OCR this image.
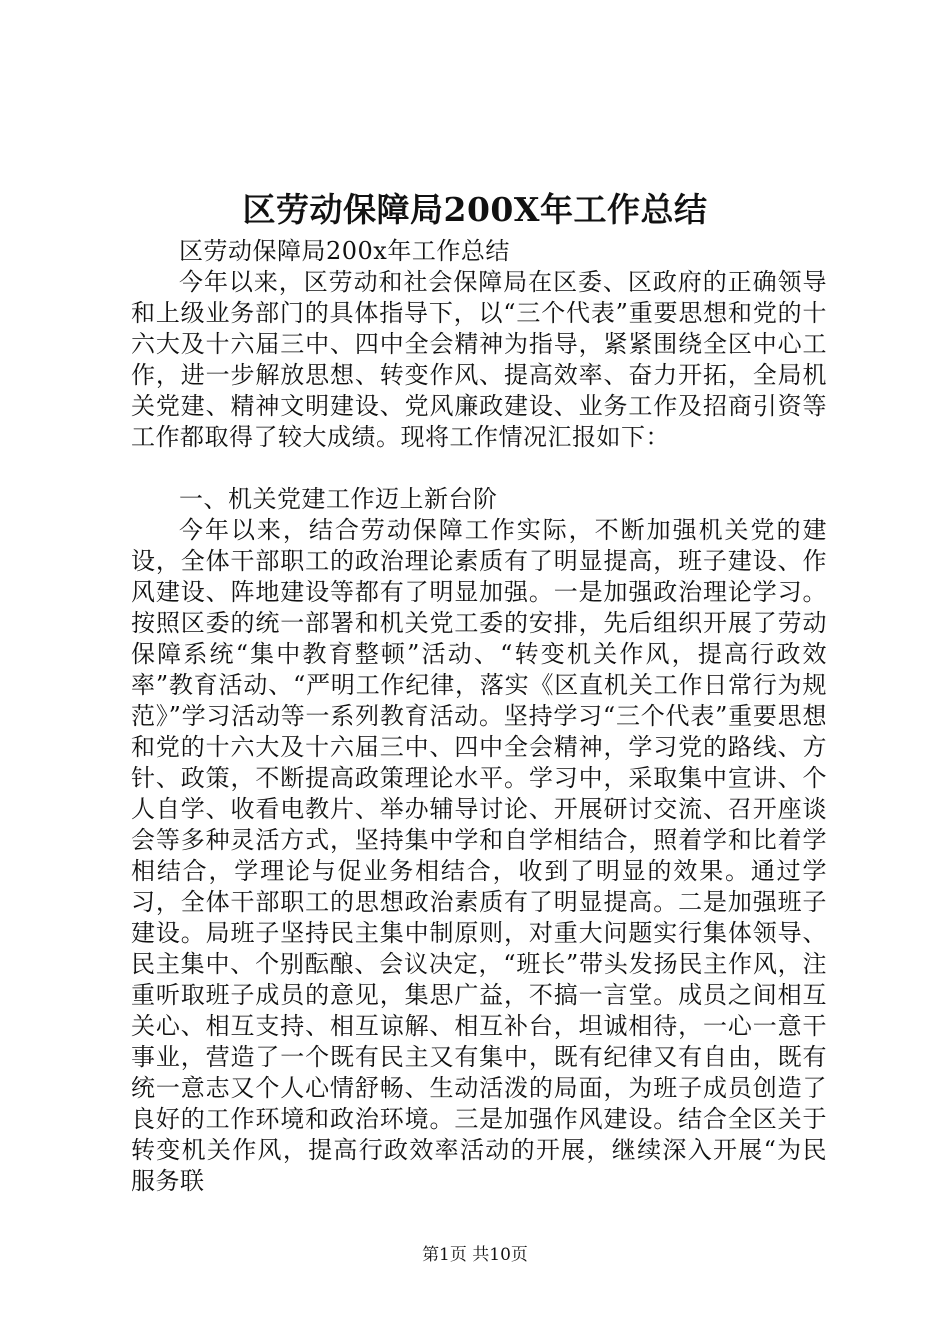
区劳动保障局200X年工作总结

区劳动保障局200x年工作总结

今年以来，区劳动和社会保障局在区委、区政府的正确领导和上级业务部门的具体指导下，以“三个代表”重要思想和党的十六大及十六届三中、四中全会精神为指导，紧紧围绕全区中心工作，进一步解放思想、转变作风、提高效率、奋力开拓，全局机关党建、精神文明建设、党风廉政建设、业务工作及招商引资等工作都取得了较大成绩。现将工作情况汇报如下：

一、机关党建工作迈上新台阶

今年以来，结合劳动保障工作实际，不断加强机关党的建设，全体干部职工的政治理论素质有了明显提高，班子建设、作风建设、阵地建设等都有了明显加强。一是加强政治理论学习。按照区委的统一部署和机关党工委的安排，先后组织开展了劳动保障系统“集中教育整顿”活动、“转变机关作风，提高行政效率”教育活动、“严明工作纪律，落实《区直机关工作日常行为规范》”学习活动等一系列教育活动。坚持学习“三个代表”重要思想和党的十六大及十六届三中、四中全会精神，学习党的路线、方针、政策，不断提高政策理论水平。学习中，采取集中宣讲、个人自学、收看电教片、举办辅导讨论、开展研讨交流、召开座谈会等多种灵活方式，坚持集中学和自学相结合，照着学和比着学相结合，学理论与促业务相结合，收到了明显的效果。通过学习，全体干部职工的思想政治素质有了明显提高。二是加强班子建设。局班子坚持民主集中制原则，对重大问题实行集体领导、民主集中、个别酝酿、会议决定，“班长”带头发扬民主作风，注重听取班子成员的意见，集思广益，不搞一言堂。成员之间相互关心、相互支持、相互谅解、相互补台，坦诚相待，一心一意干事业，营造了一个既有民主又有集中，既有纪律又有自由，既有统一意志又个人心情舒畅、生动活泼的局面，为班子成员创造了良好的工作环境和政治环境。三是加强作风建设。结合全区关于转变机关作风，提高行政效率活动的开展，继续深入开展“为民服务联

第1页 共10页
